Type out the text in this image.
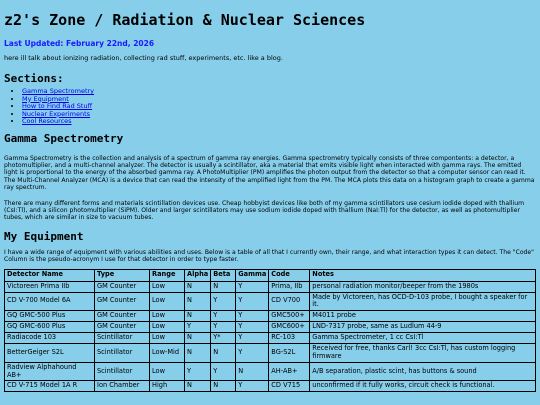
z2's Zone / Radiation & Nuclear Sciences
Last Updated: February 22nd, 2026
here ill talk about ionizing radiation, collecting rad stuff, experiments, etc. like a blog.
Sections:
• Gamma Spectrometry
• My Equipment
• How to Find Rad Stuff
• Nuclear Experiments
• Cool Resources
Gamma Spectrometry

Gamma Spectrometry is the collection and analysis of a spectrum of gamma ray energies. Gamma spectrometry typically consists of three compontents: a detector, a photomultiplier, and a multi-channel analyzer. The detector is usually a scintillator, aka a material that emits visible light when interacted with gamma rays. The emitted light is proportional to the energy of the absorbed gamma ray. A PhotoMultiplier (PM) amplifies the photon output from the detector so that a computer sensor can read it. The Multi-Channel Analyzer (MCA) is a device that can read the intensity of the amplified light from the PM. The MCA plots this data on a histogram graph to create a gamma ray spectrum.

There are many different forms and materials scintillation devices use. Cheap hobbyist devices like both of my gamma scintillators use cesium iodide doped with thallium (CsI:Tl), and a silicon photomultiplier (SiPM). Older and larger scintillators may use sodium iodide doped with thallium (NaI:Tl) for the detector, as well as photomultiplier tubes, which are similar in size to vacuum tubes.

My Equipment

I have a wide range of equipment with various abilities and uses. Below is a table of all that I currently own, their range, and what interaction types it can detect. The "Code" Column is the pseudo-acronym I use for that detector in order to type faster.

Detector Name	Type	Range	Alpha	Beta	Gamma	Code	Notes
Victoreen Prima IIb	GM Counter	Low	N	N	Y	Prima, IIb	personal radiation monitor/beeper from the 1980s
CD V-700 Model 6A	GM Counter	Low	N	Y	Y	CD V700	Made by Victoreen, has OCD-D-103 probe, I bought a speaker for it.
GQ GMC-500 Plus	GM Counter	Low	N	Y	Y	GMC500+	M4011 probe
GQ GMC-600 Plus	GM Counter	Low	Y	Y	Y	GMC600+	LND-7317 probe, same as Ludlum 44-9
Radiacode 103	Scintillator	Low	N	Y*	Y	RC-103	Gamma Spectrometer, 1 cc CsI:Tl
BetterGeiger S2L	Scintillator	Low-Mid	N	N	Y	BG-S2L	Received for free, thanks Carl! 3cc CsI:Tl, has custom logging firmware
Radview Alphahound AB+	Scintillator	Low	Y	Y	N	AH-AB+	A/B separation, plastic scint, has buttons & sound
CD V-715 Model 1A R	Ion Chamber	High	N	N	Y	CD V715	unconfirmed if it fully works, circuit check is functional.
